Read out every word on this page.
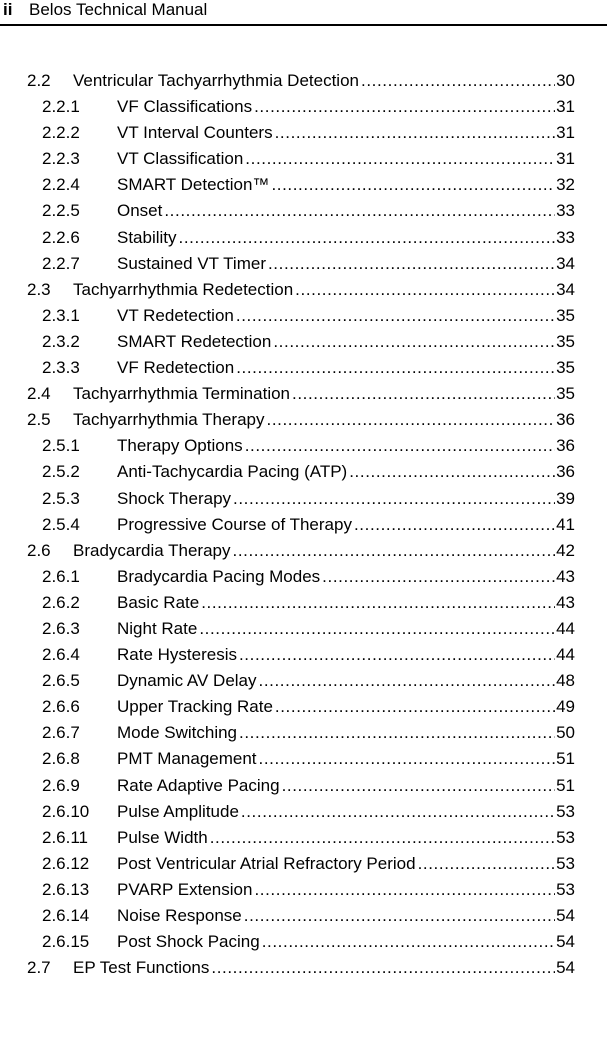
ii Belos Technical Manual
2.2 Ventricular Tachyarrhythmia Detection .....	30
2.2.1 VF Classifications .....	31
2.2.2 VT Interval Counters .....	31
2.2.3 VT Classification .....	31
2.2.4 SMART Detection™ .....	32
2.2.5 Onset .....	33
2.2.6 Stability .....	33
2.2.7 Sustained VT Timer .....	34
2.3 Tachyarrhythmia Redetection .....	34
2.3.1 VT Redetection .....	35
2.3.2 SMART Redetection .....	35
2.3.3 VF Redetection .....	35
2.4 Tachyarrhythmia Termination .....	35
2.5 Tachyarrhythmia Therapy .....	36
2.5.1 Therapy Options .....	36
2.5.2 Anti-Tachycardia Pacing (ATP) .....	36
2.5.3 Shock Therapy .....	39
2.5.4 Progressive Course of Therapy .....	41
2.6 Bradycardia Therapy .....	42
2.6.1 Bradycardia Pacing Modes .....	43
2.6.2 Basic Rate .....	43
2.6.3 Night Rate .....	44
2.6.4 Rate Hysteresis .....	44
2.6.5 Dynamic AV Delay .....	48
2.6.6 Upper Tracking Rate .....	49
2.6.7 Mode Switching .....	50
2.6.8 PMT Management .....	51
2.6.9 Rate Adaptive Pacing .....	51
2.6.10 Pulse Amplitude .....	53
2.6.11 Pulse Width .....	53
2.6.12 Post Ventricular Atrial Refractory Period .....	53
2.6.13 PVARP Extension .....	53
2.6.14 Noise Response .....	54
2.6.15 Post Shock Pacing .....	54
2.7 EP Test Functions .....	54
